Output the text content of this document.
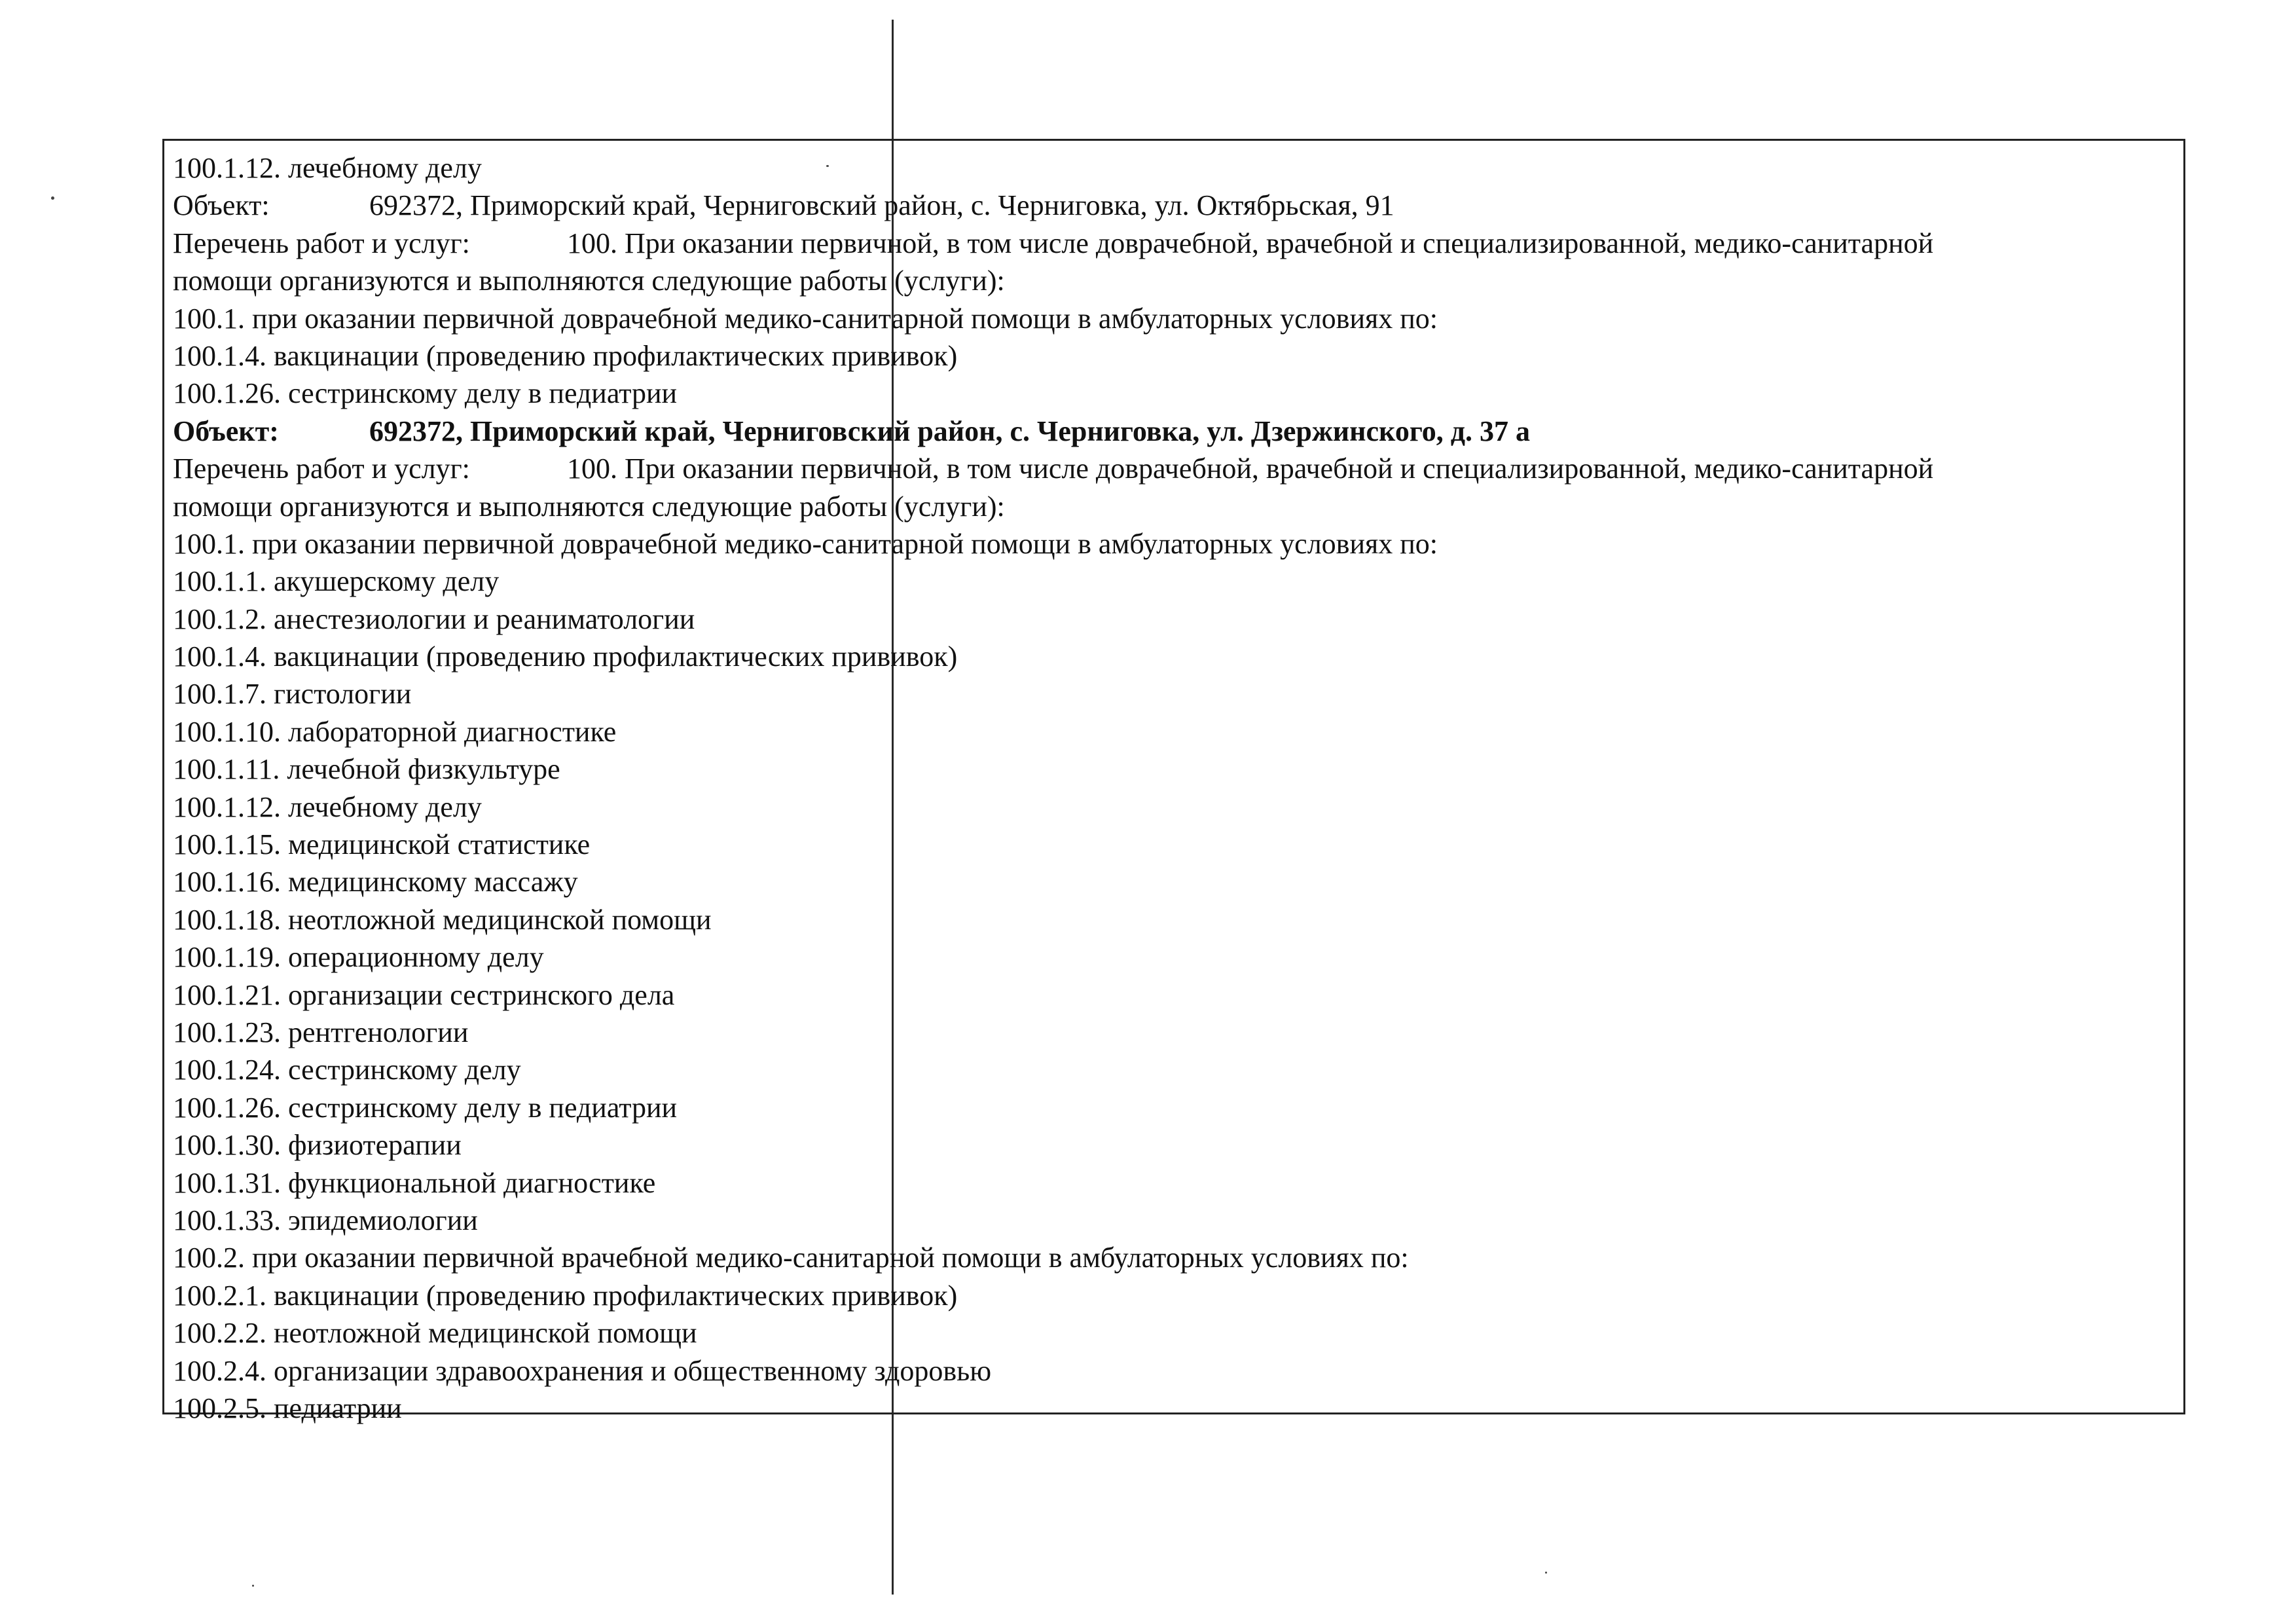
100.1.12. лечебному делу
Объект:	692372, Приморский край, Черниговский район, с. Черниговка, ул. Октябрьская, 91
Перечень работ и услуг:	100. При оказании первичной, в том числе доврачебной, врачебной и специализированной, медико-санитарной
помощи организуются и выполняются следующие работы (услуги):
100.1. при оказании первичной доврачебной медико-санитарной помощи в амбулаторных условиях по:
100.1.4. вакцинации (проведению профилактических прививок)
100.1.26. сестринскому делу в педиатрии
Объект:	692372, Приморский край, Черниговский район, с. Черниговка, ул. Дзержинского, д. 37 а
Перечень работ и услуг:	100. При оказании первичной, в том числе доврачебной, врачебной и специализированной, медико-санитарной
помощи организуются и выполняются следующие работы (услуги):
100.1. при оказании первичной доврачебной медико-санитарной помощи в амбулаторных условиях по:
100.1.1. акушерскому делу
100.1.2. анестезиологии и реаниматологии
100.1.4. вакцинации (проведению профилактических прививок)
100.1.7. гистологии
100.1.10. лабораторной диагностике
100.1.11. лечебной физкультуре
100.1.12. лечебному делу
100.1.15. медицинской статистике
100.1.16. медицинскому массажу
100.1.18. неотложной медицинской помощи
100.1.19. операционному делу
100.1.21. организации сестринского дела
100.1.23. рентгенологии
100.1.24. сестринскому делу
100.1.26. сестринскому делу в педиатрии
100.1.30. физиотерапии
100.1.31. функциональной диагностике
100.1.33. эпидемиологии
100.2. при оказании первичной врачебной медико-санитарной помощи в амбулаторных условиях по:
100.2.1. вакцинации (проведению профилактических прививок)
100.2.2. неотложной медицинской помощи
100.2.4. организации здравоохранения и общественному здоровью
100.2.5. педиатрии
